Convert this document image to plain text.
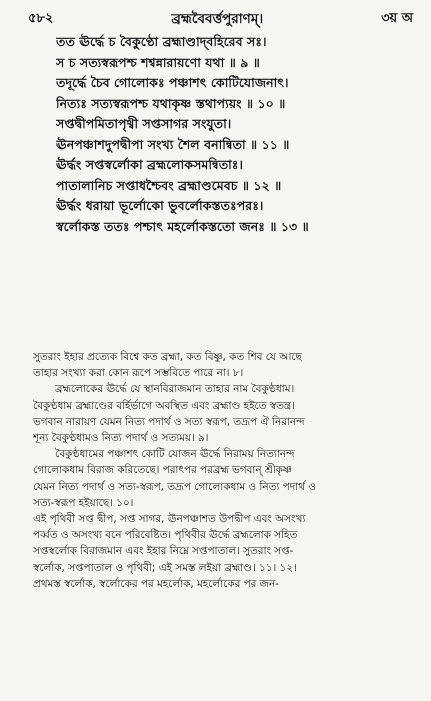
৫৮২	ব্রহ্মবৈবর্ত্তপুরাণম্‌।	৩য় অ
তত ঊর্দ্ধে চ বৈকুণ্ঠো ব্রহ্মাণ্ডাদ্‌বহিরেব সঃ।
স চ সত্যস্বরূপশ্চ শশ্বন্নারায়ণো যথা ॥ ৯ ॥
তদূর্দ্ধে চৈব গোলোকঃ পঞ্চাশৎ কোটিযোজনাৎ।
নিত্যঃ সত্যস্বরূপশ্চ যথাকৃষ্ণ স্তথাপ্যয়ং ॥ ১০ ॥
সপ্তদ্বীপমিতাপৃথ্বী সপ্তসাগর সংযুতা।
ঊনপঞ্চাশদুপদ্বীপা সংখ্য শৈল বনান্বিতা ॥ ১১ ॥
ঊর্দ্ধং সপ্তস্বর্লোকা ব্রহ্মলোকসমন্বিতাঃ।
পাতালানিচ সপ্তাধশ্চৈবং ব্রহ্মাণ্ডমেবচ ॥ ১২ ॥
ঊর্দ্ধং ধরায়া ভূর্লোকো ভুবর্লোকস্ততঃপরঃ।
স্বর্লোকস্ত ততঃ পশ্চাৎ মহর্লোকস্ততো জনঃ ॥ ১৩ ॥
সুতরাং ইহার প্রত্যেক বিশ্বে কত ব্রহ্মা, কত বিষ্ণু, কত শিব যে আছে
তাহার সংখ্যা করা কোন রূপে সম্ভবিতে পারে না। ৮।
ব্রহ্মলোকের ঊর্দ্ধে যে স্থানবিরাজমান তাহার নাম বৈকুণ্ঠধাম।
বৈকুণ্ঠধাম ব্রহ্মাণ্ডের বর্হির্ভাগে অবস্থিত এবং ব্রহ্মাণ্ড হইতে স্বতন্ত্র।
ভগবান নারায়ণ যেমন নিত্য পদার্থ ও সত্য স্বরূপ, তদ্রূপ ঐ নিরানন্দ
শূন্য বৈকুণ্ঠধামও নিত্য পদার্থ ও সত্যময়। ৯।
বৈকুণ্ঠধামের পঞ্চাশৎ কোটি যোজন ঊর্দ্ধে নিরাময় নিত্যানন্দ
গোলোকধাম বিরাজ করিতেছে। পরাৎপর পরব্রহ্ম ভগবান্ শ্রীকৃষ্ণ
যেমন নিত্য পদার্থ ও সত্য-স্বরূপ, তদ্রূপ গোলোকধাম ও নিত্য পদার্থ ও
সত্য-স্বরূপ হইয়াছে। ১০।
এই পৃথিবী সপ্ত দ্বীপ, সপ্ত সাগর, ঊনপঞ্চাশত উপদ্বীপ এবং অসংখ্য
পর্ব্বত ও অসংখ্য বনে পরিবেষ্টিত। পৃথিবীর ঊর্দ্ধে ব্রহ্মলোক সহিত
সপ্তস্বর্লোক বিরাজমান এবং ইহার নিম্নে সপ্তপাতাল। সুতরাং সপ্ত-
স্বর্লোক, সপ্তপাতাল ও পৃথিবী; এই সমস্ত লইয়া ব্রহ্মাণ্ড। ১১। ১২।
প্রথমস্ত স্বর্লোক, স্বর্লোকের পর মহর্লোক, মহর্লোকের পর জন-
